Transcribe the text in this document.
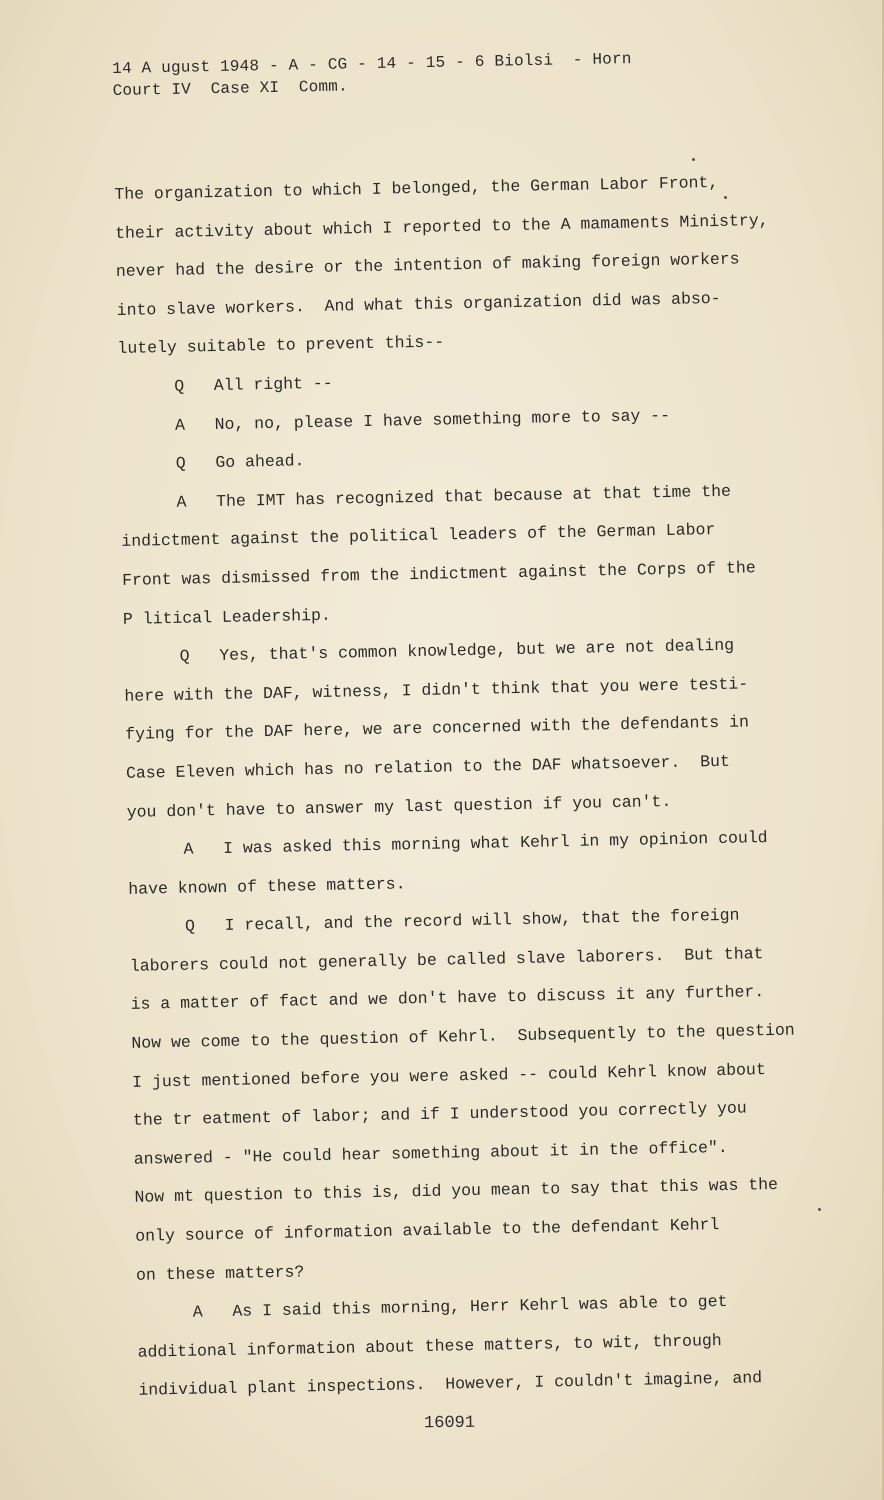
14 A ugust 1948 - A - CG - 14 - 15 - 6 Biolsi  - Horn
Court IV  Case XI  Comm.
The organization to which I belonged, the German Labor Front,
their activity about which I reported to the A mamaments Ministry,
never had the desire or the intention of making foreign workers
into slave workers.  And what this organization did was abso-
lutely suitable to prevent this--
Q   All right --
A   No, no, please I have something more to say --
Q   Go ahead.
A   The IMT has recognized that because at that time the
indictment against the political leaders of the German Labor
Front was dismissed from the indictment against the Corps of the
P litical Leadership.
Q   Yes, that's common knowledge, but we are not dealing
here with the DAF, witness, I didn't think that you were testi-
fying for the DAF here, we are concerned with the defendants in
Case Eleven which has no relation to the DAF whatsoever.  But
you don't have to answer my last question if you can't.
A   I was asked this morning what Kehrl in my opinion could
have known of these matters.
Q   I recall, and the record will show, that the foreign
laborers could not generally be called slave laborers.  But that
is a matter of fact and we don't have to discuss it any further.
Now we come to the question of Kehrl.  Subsequently to the question
I just mentioned before you were asked -- could Kehrl know about
the tr eatment of labor; and if I understood you correctly you
answered - "He could hear something about it in the office".
Now mt question to this is, did you mean to say that this was the
only source of information available to the defendant Kehrl
on these matters?
A   As I said this morning, Herr Kehrl was able to get
additional information about these matters, to wit, through
individual plant inspections.  However, I couldn't imagine, and
16091
